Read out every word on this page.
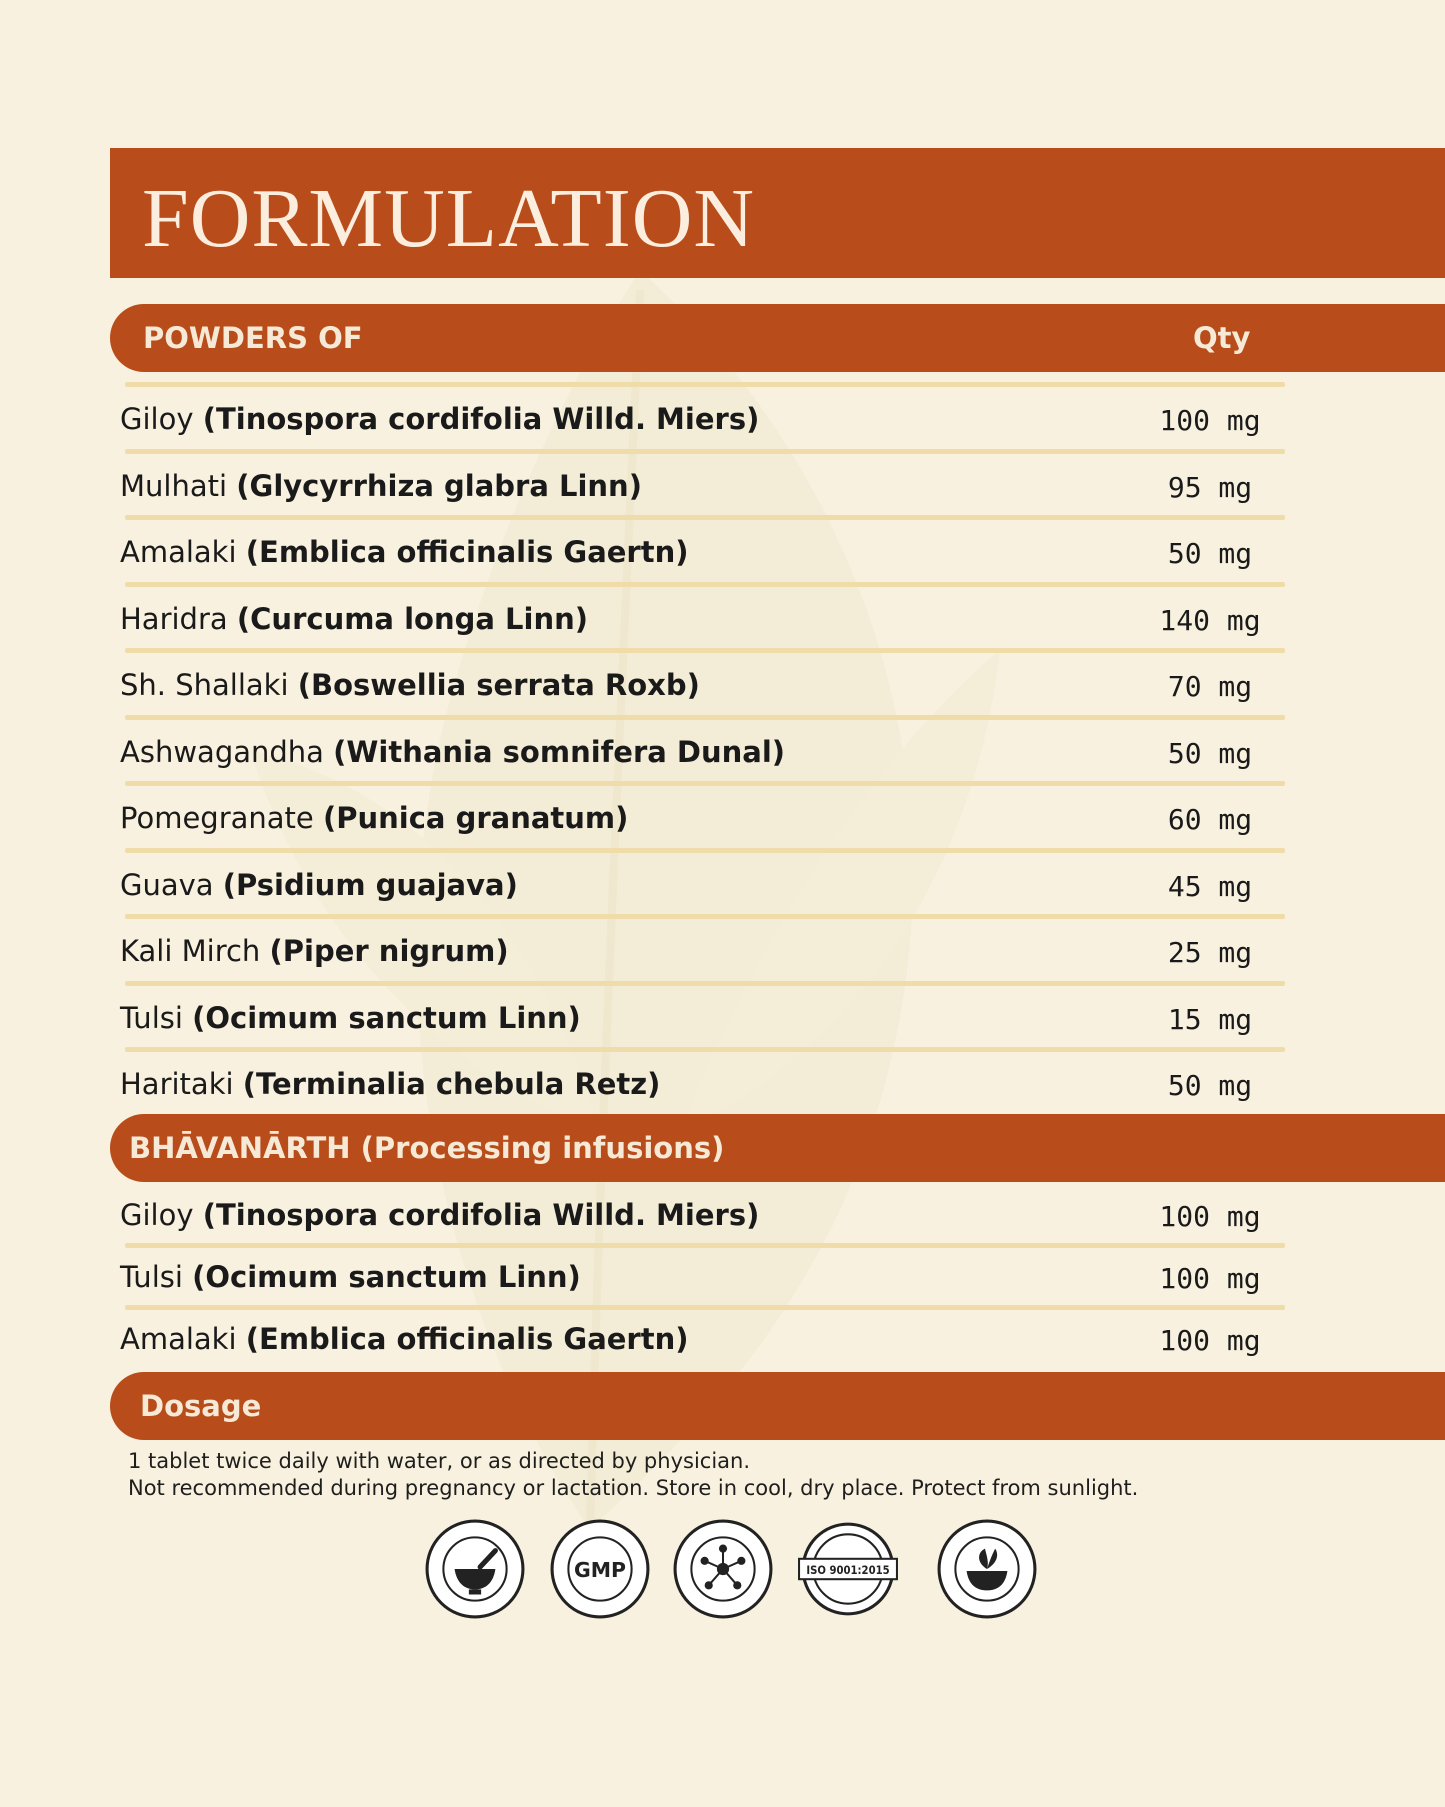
FORMULATION
POWDERS OF	Qty
Giloy (Tinospora cordifolia Willd. Miers)	100 mg
Mulhati (Glycyrrhiza glabra Linn)	95 mg
Amalaki (Emblica officinalis Gaertn)	50 mg
Haridra (Curcuma longa Linn)	140 mg
Sh. Shallaki (Boswellia serrata Roxb)	70 mg
Ashwagandha (Withania somnifera Dunal)	50 mg
Pomegranate (Punica granatum)	60 mg
Guava (Psidium guajava)	45 mg
Kali Mirch (Piper nigrum)	25 mg
Tulsi (Ocimum sanctum Linn)	15 mg
Haritaki (Terminalia chebula Retz)	50 mg
BHĀVANĀRTH (Processing infusions)
Giloy (Tinospora cordifolia Willd. Miers)	100 mg
Tulsi (Ocimum sanctum Linn)	100 mg
Amalaki (Emblica officinalis Gaertn)	100 mg
Dosage
1 tablet twice daily with water, or as directed by physician.
Not recommended during pregnancy or lactation. Store in cool, dry place. Protect from sunlight.
GMP	ISO 9001:2015
